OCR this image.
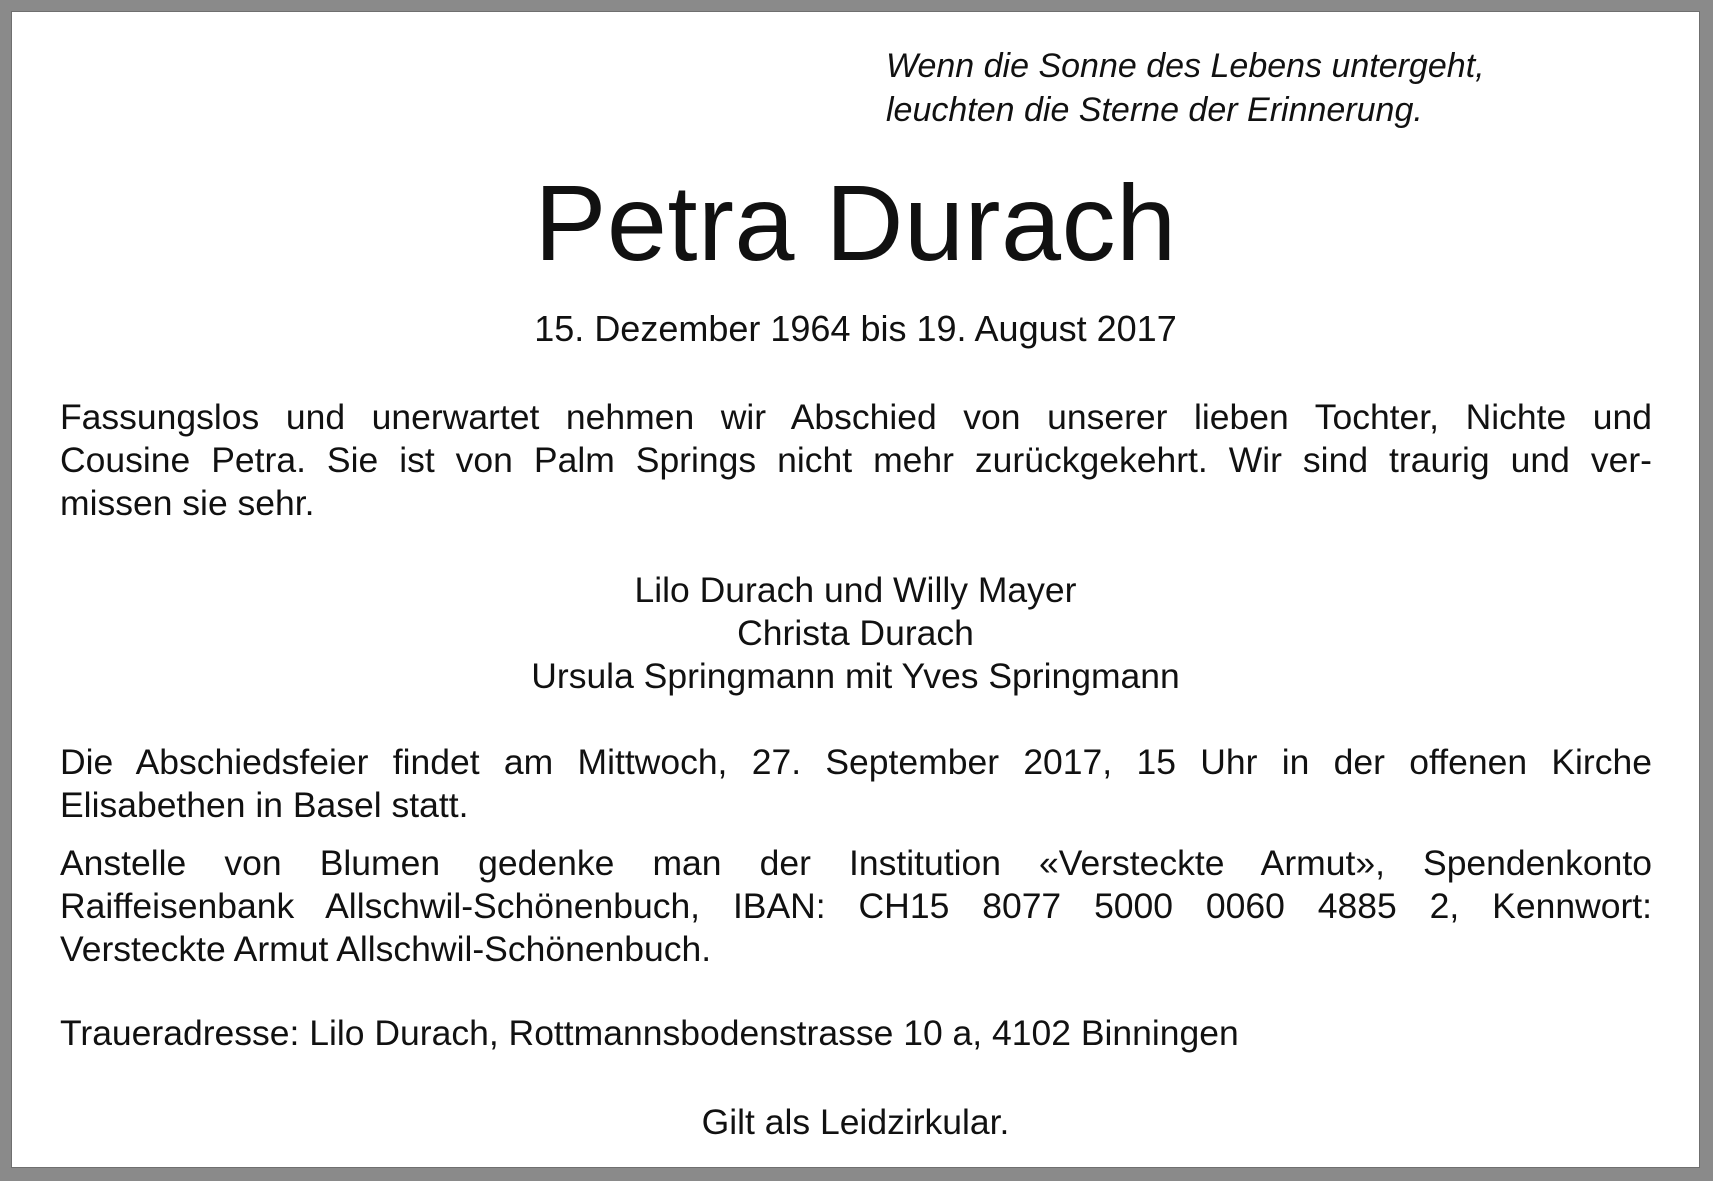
Wenn die Sonne des Lebens untergeht,
leuchten die Sterne der Erinnerung.
Petra Durach
15. Dezember 1964 bis 19. August 2017
Fassungslos und unerwartet nehmen wir Abschied von unserer lieben Tochter, Nichte und
Cousine Petra. Sie ist von Palm Springs nicht mehr zurückgekehrt. Wir sind traurig und ver-
missen sie sehr.
Lilo Durach und Willy Mayer
Christa Durach
Ursula Springmann mit Yves Springmann
Die Abschiedsfeier findet am Mittwoch, 27. September 2017, 15 Uhr in der offenen Kirche
Elisabethen in Basel statt.
Anstelle von Blumen gedenke man der Institution «Versteckte Armut», Spendenkonto
Raiffeisenbank Allschwil-Schönenbuch, IBAN: CH15 8077 5000 0060 4885 2, Kennwort:
Versteckte Armut Allschwil-Schönenbuch.
Traueradresse: Lilo Durach, Rottmannsbodenstrasse 10 a, 4102 Binningen
Gilt als Leidzirkular.
